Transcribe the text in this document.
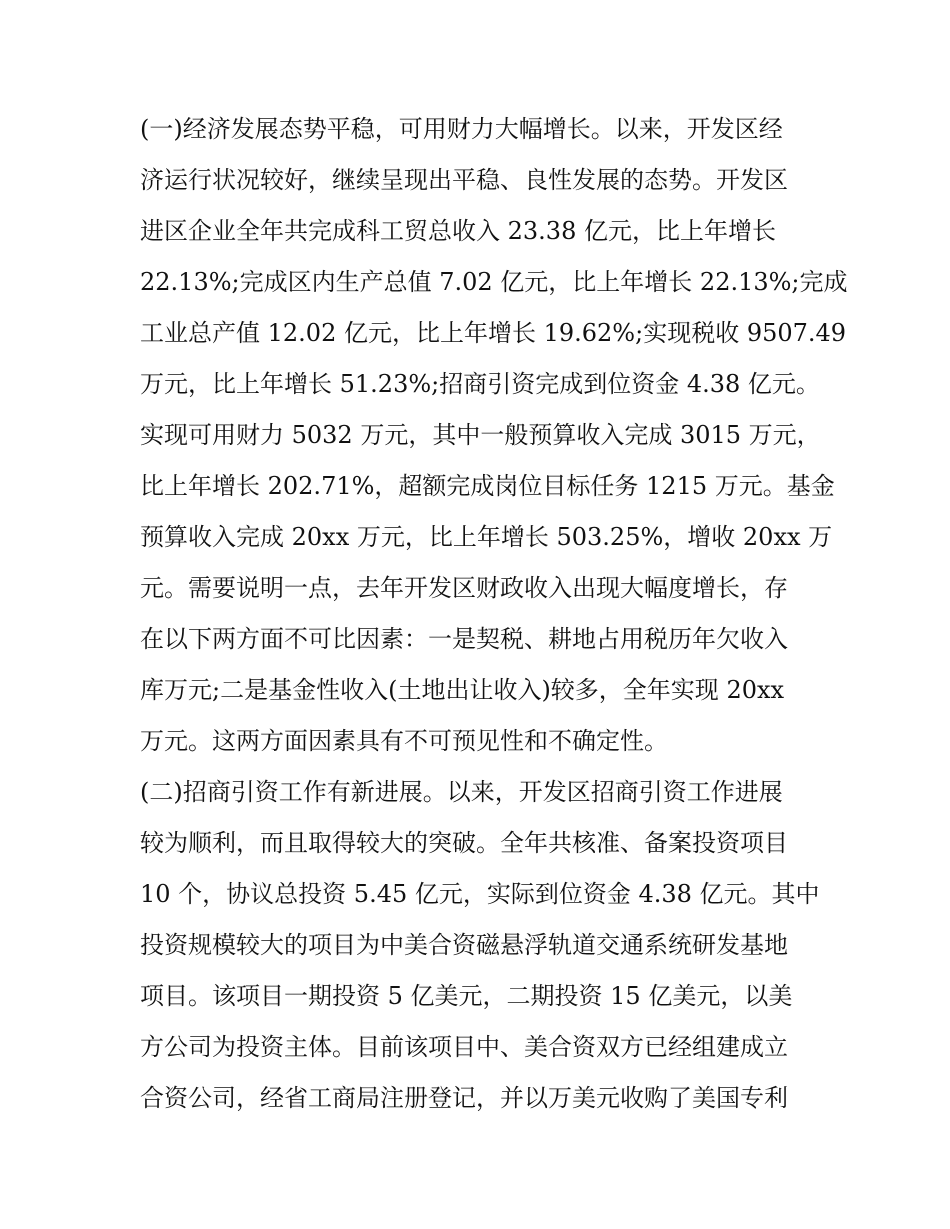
(一)经济发展态势平稳，可用财力大幅增长。以来，开发区经
济运行状况较好，继续呈现出平稳、良性发展的态势。开发区
进区企业全年共完成科工贸总收入 23.38 亿元，比上年增长
22.13%;完成区内生产总值 7.02 亿元，比上年增长 22.13%;完成
工业总产值 12.02 亿元，比上年增长 19.62%;实现税收 9507.49
万元，比上年增长 51.23%;招商引资完成到位资金 4.38 亿元。
实现可用财力 5032 万元，其中一般预算收入完成 3015 万元，
比上年增长 202.71%，超额完成岗位目标任务 1215 万元。基金
预算收入完成 20xx 万元，比上年增长 503.25%，增收 20xx 万
元。需要说明一点，去年开发区财政收入出现大幅度增长，存
在以下两方面不可比因素：一是契税、耕地占用税历年欠收入
库万元;二是基金性收入(土地出让收入)较多，全年实现 20xx
万元。这两方面因素具有不可预见性和不确定性。
(二)招商引资工作有新进展。以来，开发区招商引资工作进展
较为顺利，而且取得较大的突破。全年共核准、备案投资项目
10 个，协议总投资 5.45 亿元，实际到位资金 4.38 亿元。其中
投资规模较大的项目为中美合资磁悬浮轨道交通系统研发基地
项目。该项目一期投资 5 亿美元，二期投资 15 亿美元，以美
方公司为投资主体。目前该项目中、美合资双方已经组建成立
合资公司，经省工商局注册登记，并以万美元收购了美国专利
